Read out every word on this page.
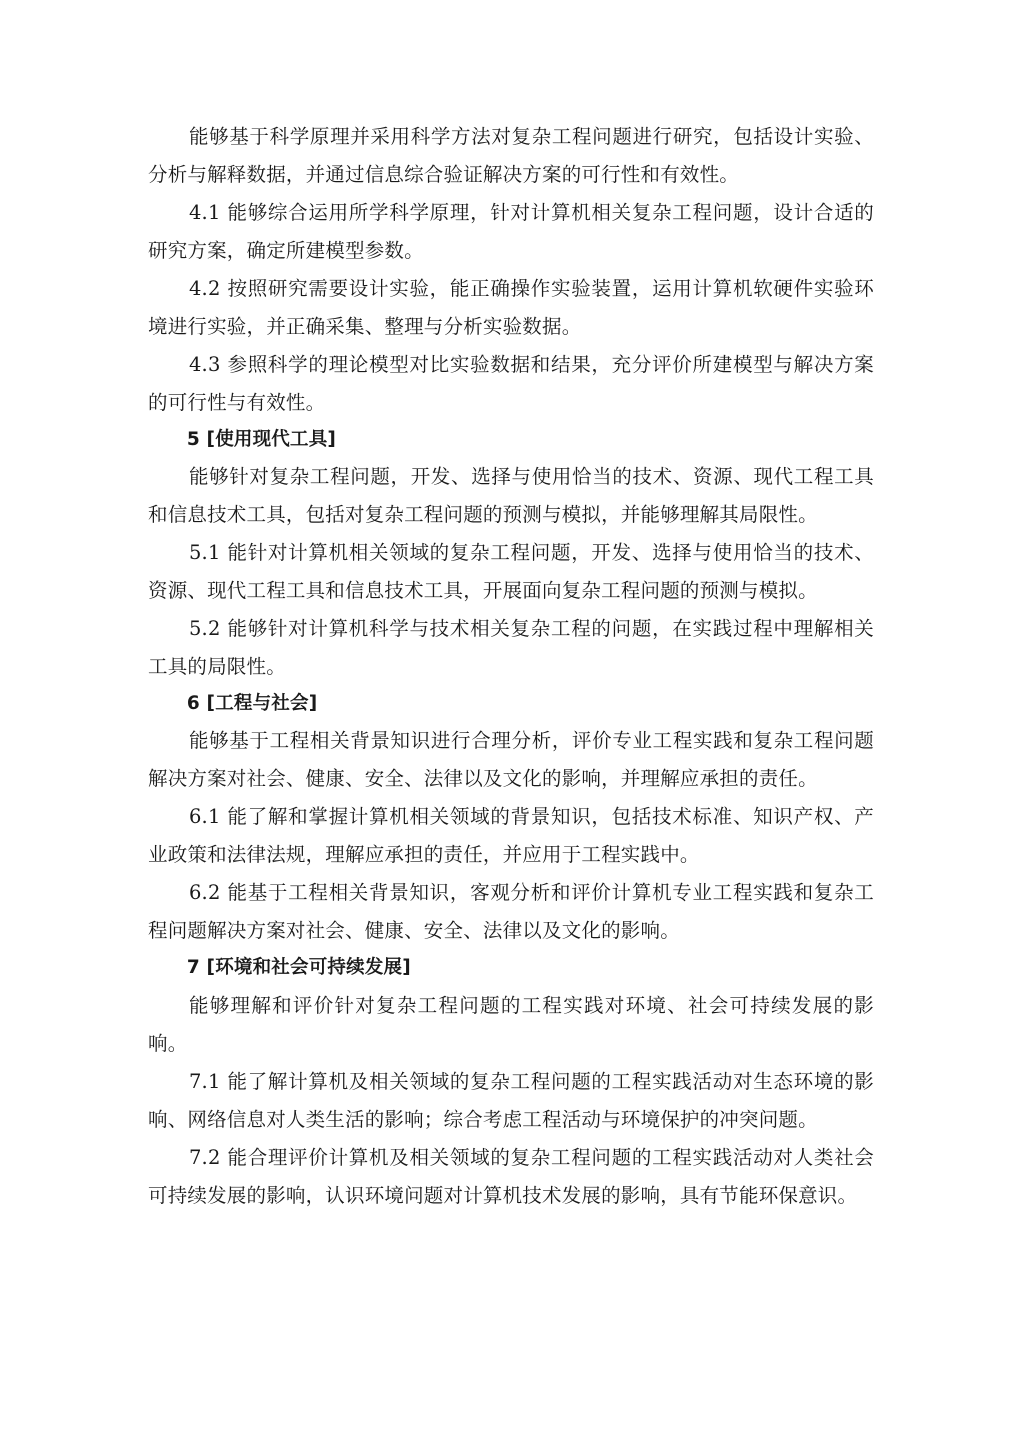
能够基于科学原理并采用科学方法对复杂工程问题进行研究，包括设计实验、分析与解释数据，并通过信息综合验证解决方案的可行性和有效性。

4.1 能够综合运用所学科学原理，针对计算机相关复杂工程问题，设计合适的研究方案，确定所建模型参数。

4.2 按照研究需要设计实验，能正确操作实验装置，运用计算机软硬件实验环境进行实验，并正确采集、整理与分析实验数据。

4.3 参照科学的理论模型对比实验数据和结果，充分评价所建模型与解决方案的可行性与有效性。

5 [使用现代工具]

能够针对复杂工程问题，开发、选择与使用恰当的技术、资源、现代工程工具和信息技术工具，包括对复杂工程问题的预测与模拟，并能够理解其局限性。

5.1 能针对计算机相关领域的复杂工程问题，开发、选择与使用恰当的技术、资源、现代工程工具和信息技术工具，开展面向复杂工程问题的预测与模拟。

5.2 能够针对计算机科学与技术相关复杂工程的问题，在实践过程中理解相关工具的局限性。

6 [工程与社会]

能够基于工程相关背景知识进行合理分析，评价专业工程实践和复杂工程问题解决方案对社会、健康、安全、法律以及文化的影响，并理解应承担的责任。

6.1 能了解和掌握计算机相关领域的背景知识，包括技术标准、知识产权、产业政策和法律法规，理解应承担的责任，并应用于工程实践中。

6.2 能基于工程相关背景知识，客观分析和评价计算机专业工程实践和复杂工程问题解决方案对社会、健康、安全、法律以及文化的影响。

7 [环境和社会可持续发展]

能够理解和评价针对复杂工程问题的工程实践对环境、社会可持续发展的影响。

7.1 能了解计算机及相关领域的复杂工程问题的工程实践活动对生态环境的影响、网络信息对人类生活的影响；综合考虑工程活动与环境保护的冲突问题。

7.2 能合理评价计算机及相关领域的复杂工程问题的工程实践活动对人类社会可持续发展的影响，认识环境问题对计算机技术发展的影响，具有节能环保意识。
